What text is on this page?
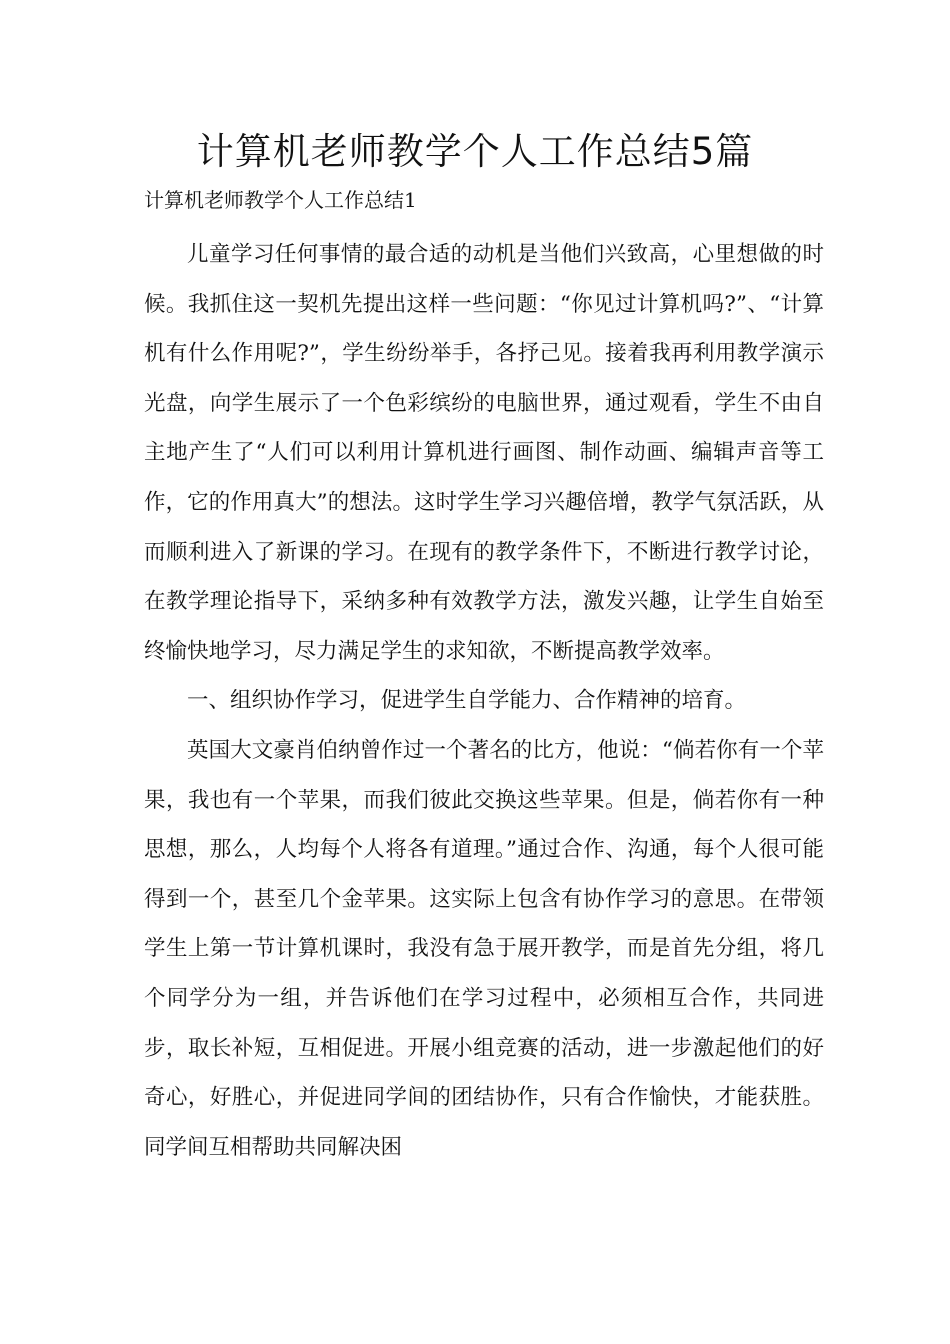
计算机老师教学个人工作总结5篇
计算机老师教学个人工作总结1

儿童学习任何事情的最合适的动机是当他们兴致高，心里想做的时候。我抓住这一契机先提出这样一些问题：“你见过计算机吗?”、“计算机有什么作用呢?”，学生纷纷举手，各抒己见。接着我再利用教学演示光盘，向学生展示了一个色彩缤纷的电脑世界，通过观看，学生不由自主地产生了“人们可以利用计算机进行画图、制作动画、编辑声音等工作，它的作用真大”的想法。这时学生学习兴趣倍增，教学气氛活跃，从而顺利进入了新课的学习。在现有的教学条件下，不断进行教学讨论，在教学理论指导下，采纳多种有效教学方法，激发兴趣，让学生自始至终愉快地学习，尽力满足学生的求知欲，不断提高教学效率。

一、组织协作学习，促进学生自学能力、合作精神的培育。

英国大文豪肖伯纳曾作过一个著名的比方，他说：“倘若你有一个苹果，我也有一个苹果，而我们彼此交换这些苹果。但是，倘若你有一种思想，那么，人均每个人将各有道理。”通过合作、沟通，每个人很可能得到一个，甚至几个金苹果。这实际上包含有协作学习的意思。在带领学生上第一节计算机课时，我没有急于展开教学，而是首先分组，将几个同学分为一组，并告诉他们在学习过程中，必须相互合作，共同进步，取长补短，互相促进。开展小组竞赛的活动，进一步激起他们的好奇心，好胜心，并促进同学间的团结协作，只有合作愉快，才能获胜。同学间互相帮助共同解决困
